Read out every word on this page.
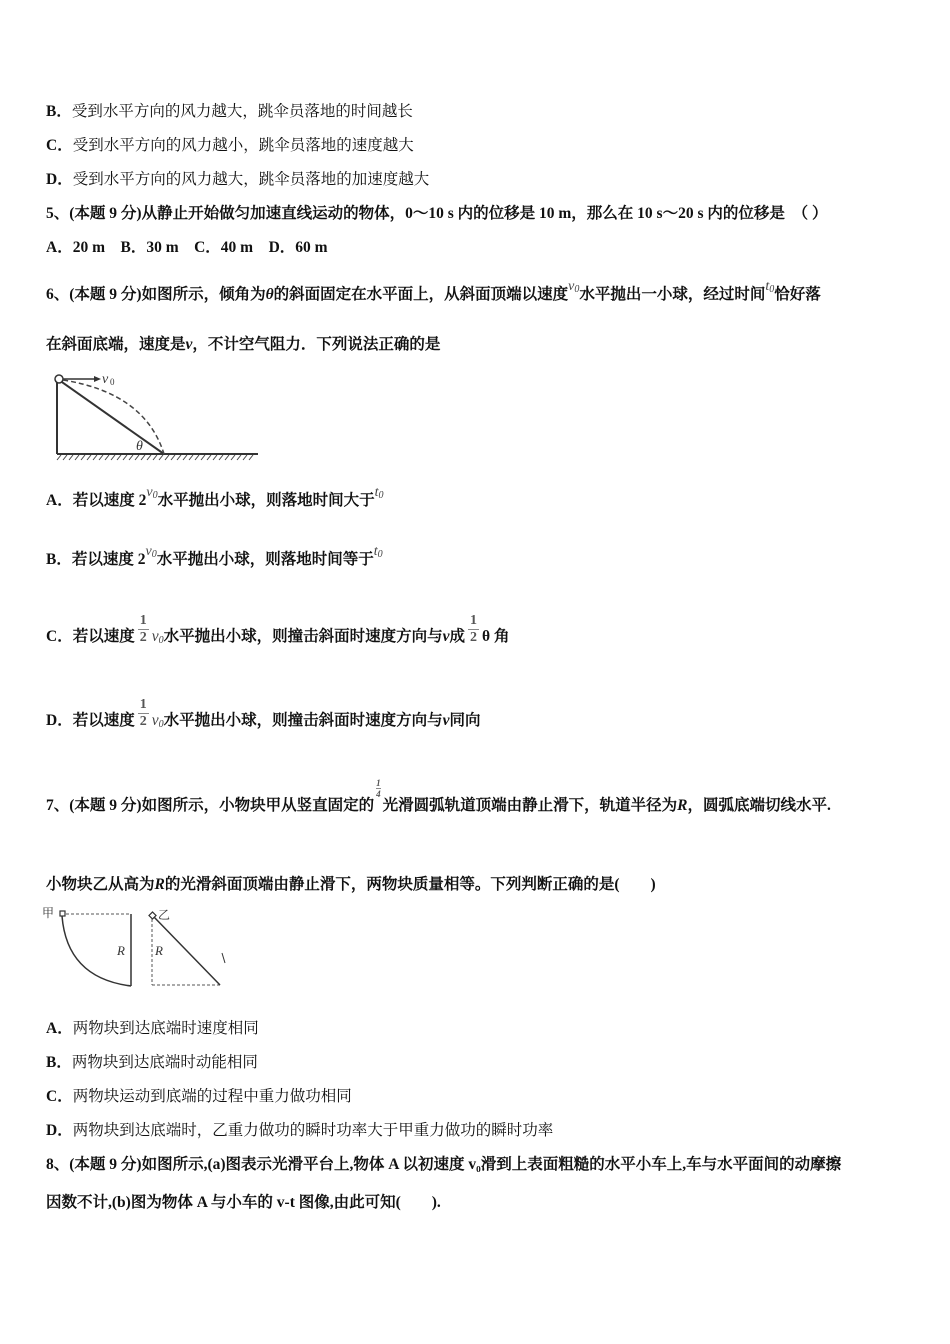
B．受到水平方向的风力越大，跳伞员落地的时间越长
C．受到水平方向的风力越小，跳伞员落地的速度越大
D．受到水平方向的风力越大，跳伞员落地的加速度越大
5、(本题 9 分)从静止开始做匀加速直线运动的物体，0～10 s 内的位移是 10 m，那么在 10 s～20 s 内的位移是　（ ）
A．20 m　B．30 m　C．40 m　D．60 m
6、(本题 9 分)如图所示，倾角为θ的斜面固定在水平面上，从斜面顶端以速度v0水平抛出一小球，经过时间t0恰好落
在斜面底端，速度是v，不计空气阻力．下列说法正确的是
v 0
θ
A．若以速度 2v0水平抛出小球，则落地时间大于t0
B．若以速度 2v0水平抛出小球，则落地时间等于t0
C．若以速度 $\frac{1}{2} v0$水平抛出小球，则撞击斜面时速度方向与v成 $\frac{1}{2}$ θ 角
D．若以速度 $\frac{1}{2} v0$水平抛出小球，则撞击斜面时速度方向与v同向
7、(本题 9 分)如图所示，小物块甲从竖直固定的
$\frac{1}{4}$光滑圆弧轨道顶端由静止滑下，轨道半径为R，圆弧底端切线水平.
小物块乙从高为R的光滑斜面顶端由静止滑下，两物块质量相等。下列判断正确的是(　　)
甲
R
乙
R
A．两物块到达底端时速度相同
B．两物块到达底端时动能相同
C．两物块运动到底端的过程中重力做功相同
D．两物块到达底端时，乙重力做功的瞬时功率大于甲重力做功的瞬时功率
8、(本题 9 分)如图所示,(a)图表示光滑平台上,物体 A 以初速度 v₀滑到上表面粗糙的水平小车上,车与水平面间的动摩擦
因数不计,(b)图为物体 A 与小车的 v-t 图像,由此可知(　　).
